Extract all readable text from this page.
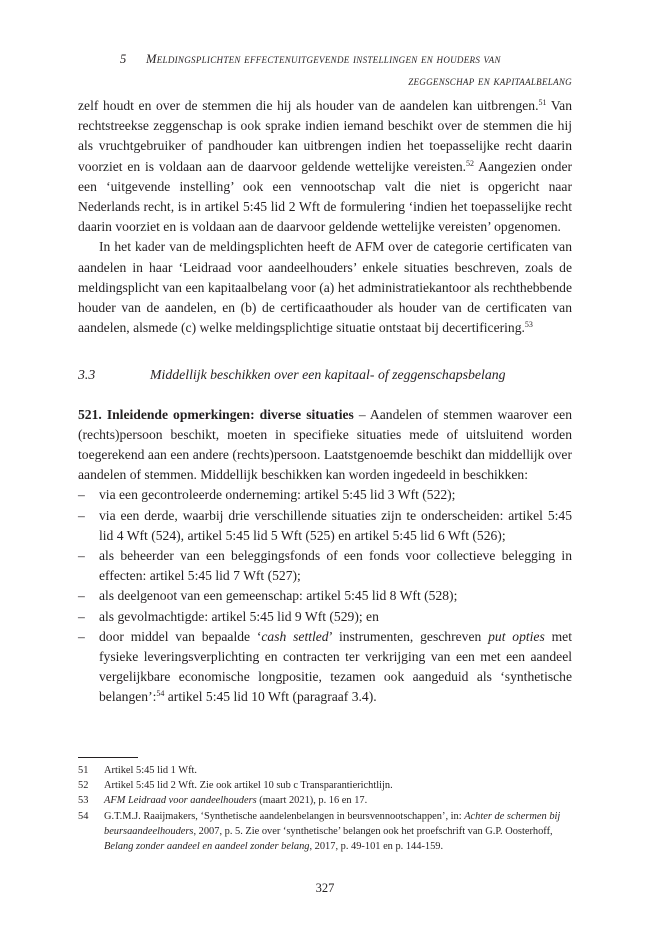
5 Meldingsplichten effectenuitgevende instellingen en houders van
zeggenschap en kapitaalbelang

zelf houdt en over de stemmen die hij als houder van de aandelen kan uitbrengen.$^{51}$ Van rechtstreekse zeggenschap is ook sprake indien iemand beschikt over de stemmen die hij als vruchtgebruiker of pandhouder kan uitbrengen indien het toepasselijke recht daarin voorziet en is voldaan aan de daarvoor geldende wettelijke vereisten.$^{52}$ Aangezien onder een ‘uitgevende instelling’ ook een vennootschap valt die niet is opgericht naar Nederlands recht, is in artikel 5:45 lid 2 Wft de formulering ‘indien het toepasselijke recht daarin voorziet en is voldaan aan de daarvoor geldende wettelijke vereisten’ opgenomen.

In het kader van de meldingsplichten heeft de AFM over de categorie certificaten van aandelen in haar ‘Leidraad voor aandeelhouders’ enkele situaties beschreven, zoals de meldingsplicht van een kapitaalbelang voor (a) het administratiekantoor als rechthebbende houder van de aandelen, en (b) de certificaathouder als houder van de certificaten van aandelen, alsmede (c) welke meldingsplichtige situatie ontstaat bij decertificering.$^{53}$

3.3	Middellijk beschikken over een kapitaal- of zeggenschapsbelang

521. Inleidende opmerkingen: diverse situaties – Aandelen of stemmen waarover een (rechts)persoon beschikt, moeten in specifieke situaties mede of uitsluitend worden toegerekend aan een andere (rechts)persoon. Laatstgenoemde beschikt dan middellijk over aandelen of stemmen. Middellijk beschikken kan worden ingedeeld in beschikken:

– via een gecontroleerde onderneming: artikel 5:45 lid 3 Wft (522);
– via een derde, waarbij drie verschillende situaties zijn te onderscheiden: artikel 5:45 lid 4 Wft (524), artikel 5:45 lid 5 Wft (525) en artikel 5:45 lid 6 Wft (526);
– als beheerder van een beleggingsfonds of een fonds voor collectieve belegging in effecten: artikel 5:45 lid 7 Wft (527);
– als deelgenoot van een gemeenschap: artikel 5:45 lid 8 Wft (528);
– als gevolmachtigde: artikel 5:45 lid 9 Wft (529); en
– door middel van bepaalde ‘cash settled’ instrumenten, geschreven put opties met fysieke leveringsverplichting en contracten ter verkrijging van een met een aandeel vergelijkbare economische longpositie, tezamen ook aangeduid als ‘synthetische belangen’:$^{54}$ artikel 5:45 lid 10 Wft (paragraaf 3.4).
51	Artikel 5:45 lid 1 Wft.
52	Artikel 5:45 lid 2 Wft. Zie ook artikel 10 sub c Transparantierichtlijn.
53	AFM Leidraad voor aandeelhouders (maart 2021), p. 16 en 17.
54	G.T.M.J. Raaijmakers, ‘Synthetische aandelenbelangen in beursvennootschappen’, in: Achter de schermen bij beursaandeelhouders, 2007, p. 5. Zie over ‘synthetische’ belangen ook het proefschrift van G.P. Oosterhoff, Belang zonder aandeel en aandeel zonder belang, 2017, p. 49-101 en p. 144-159.
327
